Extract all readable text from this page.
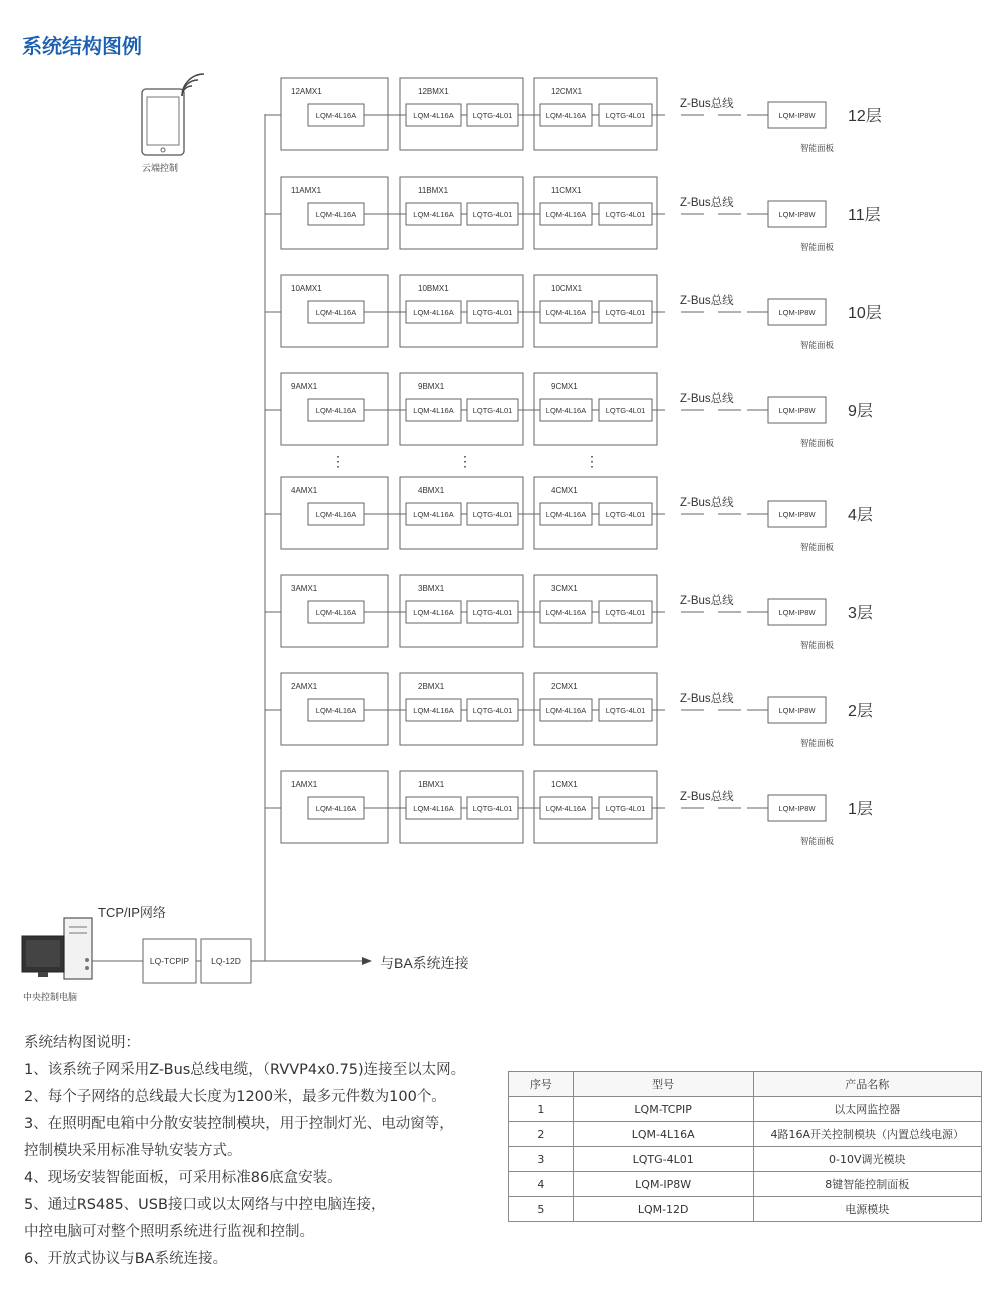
系统结构图例
云端控制
12AMX1	12BMX1	12CMX1
LQM-4L16A	LQM-4L16A	LQTG-4L01	LQM-4L16A	LQTG-4L01
Z-Bus总线
LQM-IP8W
智能面板
12层
11AMX1	11BMX1	11CMX1
LQM-4L16A	LQM-4L16A	LQTG-4L01	LQM-4L16A	LQTG-4L01
Z-Bus总线
LQM-IP8W
智能面板
11层
10AMX1	10BMX1	10CMX1
LQM-4L16A	LQM-4L16A	LQTG-4L01	LQM-4L16A	LQTG-4L01
Z-Bus总线
LQM-IP8W
智能面板
10层
9AMX1	9BMX1	9CMX1
LQM-4L16A	LQM-4L16A	LQTG-4L01	LQM-4L16A	LQTG-4L01
Z-Bus总线
LQM-IP8W
智能面板
9层
4AMX1	4BMX1	4CMX1
LQM-4L16A	LQM-4L16A	LQTG-4L01	LQM-4L16A	LQTG-4L01
Z-Bus总线
LQM-IP8W
智能面板
4层
3AMX1	3BMX1	3CMX1
LQM-4L16A	LQM-4L16A	LQTG-4L01	LQM-4L16A	LQTG-4L01
Z-Bus总线
LQM-IP8W
智能面板
3层
2AMX1	2BMX1	2CMX1
LQM-4L16A	LQM-4L16A	LQTG-4L01	LQM-4L16A	LQTG-4L01
Z-Bus总线
LQM-IP8W
智能面板
2层
1AMX1	1BMX1	1CMX1
LQM-4L16A	LQM-4L16A	LQTG-4L01	LQM-4L16A	LQTG-4L01
Z-Bus总线
LQM-IP8W
智能面板
1层
⋮	⋮	⋮
中央控制电脑
TCP/IP网络
LQ-TCPIP	LQ-12D	与BA系统连接
系统结构图说明：
1、该系统子网采用Z-Bus总线电缆，（RVVP4x0.75)连接至以太网。
2、每个子网络的总线最大长度为1200米，最多元件数为100个。
3、在照明配电箱中分散安装控制模块，用于控制灯光、电动窗等，
控制模块采用标准导轨安装方式。
4、现场安装智能面板，可采用标准86底盒安装。
5、通过RS485、USB接口或以太网络与中控电脑连接，
中控电脑可对整个照明系统进行监视和控制。
6、开放式协议与BA系统连接。
序号	型号	产品名称
1	LQM-TCPIP	以太网监控器
2	LQM-4L16A	4路16A开关控制模块（内置总线电源）
3	LQTG-4L01	0-10V调光模块
4	LQM-IP8W	8键智能控制面板
5	LQM-12D	电源模块
